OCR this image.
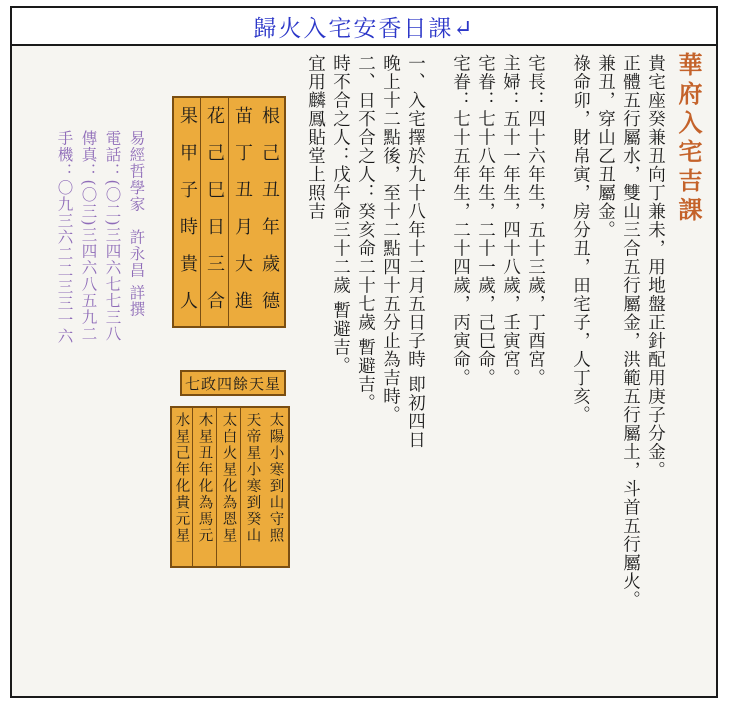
歸火入宅安香日課↵
華府入宅吉課
貴宅座癸兼丑向丁兼未，用地盤正針配用庚子分金。
正體五行屬水，雙山三合五行屬金，洪範五行屬土，斗首五行屬火。
兼丑，穿山乙丑屬金。
祿命卯，財帛寅，房分丑，田宅子，人丁亥。
宅長：四十六年生，五十三歲，丁酉宮。
主婦：五十一年生，四十八歲，壬寅宮。
宅眷：七十八年生，二十一歲，己巳命。
宅眷：七十五年生，二十四歲，丙寅命。
一、入宅擇於九十八年十二月五日子時 即初四日
晚上十二點後，至十二點四十五分止為吉時。
二、日不合之人：癸亥命二十七歲 暫避吉。
時不合之人：戊午命三十二歲 暫避吉。
宜用麟鳳貼堂上照吉
根己丑年歲德
苗丁丑月大進
花己巳日三合
果甲子時貴人
七政四餘天星
太陽小寒到山守照
天帝星小寒到癸山
太白火星化為恩星
木星丑年化為馬元
水星己年化貴元星
易經哲學家　許永昌 詳撰
電話：(〇二)三四六七七三八
傳真：(〇三)三四六八五九二
手機：〇九三六二二三三一六
